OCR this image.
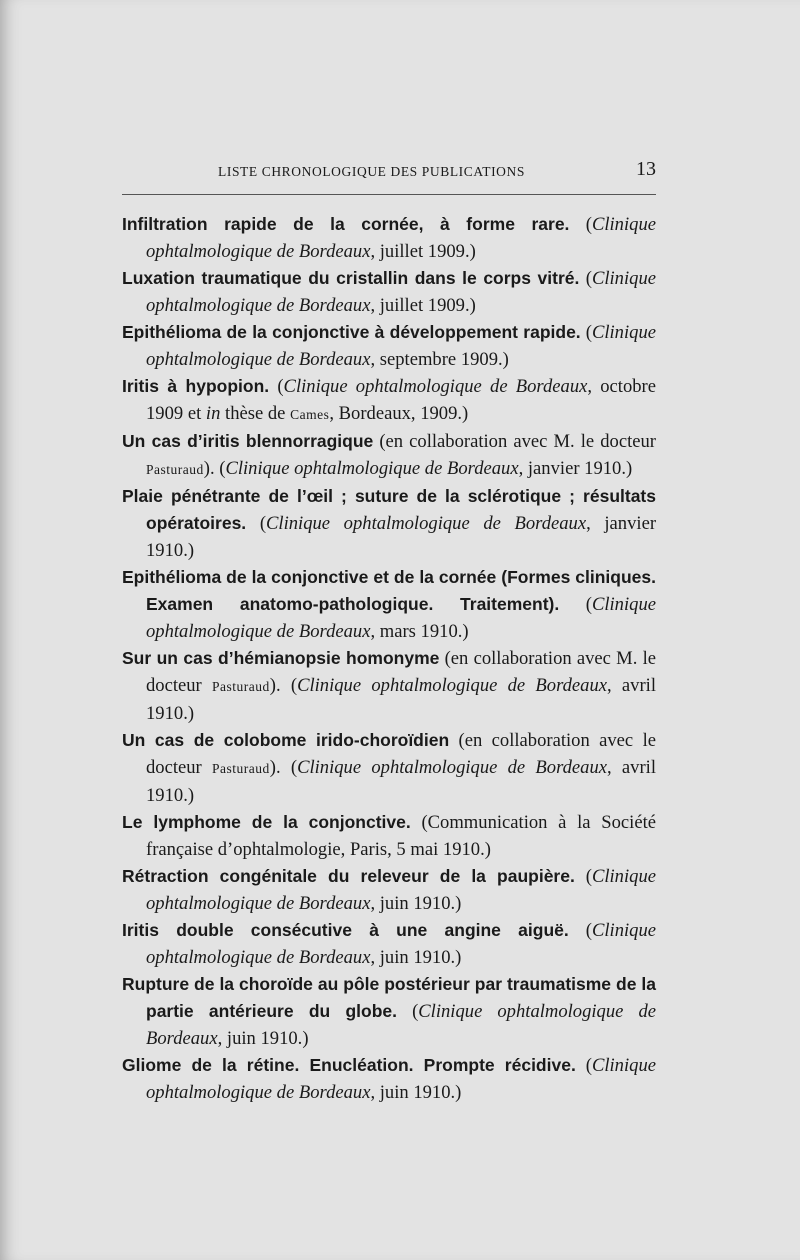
LISTE CHRONOLOGIQUE DES PUBLICATIONS	13
Infiltration rapide de la cornée, à forme rare. (Clinique ophtalmologique de Bordeaux, juillet 1909.)
Luxation traumatique du cristallin dans le corps vitré. (Clinique ophtalmologique de Bordeaux, juillet 1909.)
Epithélioma de la conjonctive à développement rapide. (Clinique ophtalmologique de Bordeaux, septembre 1909.)
Iritis à hypopion. (Clinique ophtalmologique de Bordeaux, octobre 1909 et in thèse de Cames, Bordeaux, 1909.)
Un cas d’iritis blennorragique (en collaboration avec M. le docteur Pasturaud). (Clinique ophtalmologique de Bordeaux, janvier 1910.)
Plaie pénétrante de l’œil ; suture de la sclérotique ; résultats opératoires. (Clinique ophtalmologique de Bordeaux, janvier 1910.)
Epithélioma de la conjonctive et de la cornée (Formes cliniques. Examen anatomo-pathologique. Traitement). (Clinique ophtalmologique de Bordeaux, mars 1910.)
Sur un cas d’hémianopsie homonyme (en collaboration avec M. le docteur Pasturaud). (Clinique ophtalmologique de Bordeaux, avril 1910.)
Un cas de colobome irido-choroïdien (en collaboration avec le docteur Pasturaud). (Clinique ophtalmologique de Bordeaux, avril 1910.)
Le lymphome de la conjonctive. (Communication à la Société française d’ophtalmologie, Paris, 5 mai 1910.)
Rétraction congénitale du releveur de la paupière. (Clinique ophtalmologique de Bordeaux, juin 1910.)
Iritis double consécutive à une angine aiguë. (Clinique ophtalmologique de Bordeaux, juin 1910.)
Rupture de la choroïde au pôle postérieur par traumatisme de la partie antérieure du globe. (Clinique ophtalmologique de Bordeaux, juin 1910.)
Gliome de la rétine. Enucléation. Prompte récidive. (Clinique ophtalmologique de Bordeaux, juin 1910.)
